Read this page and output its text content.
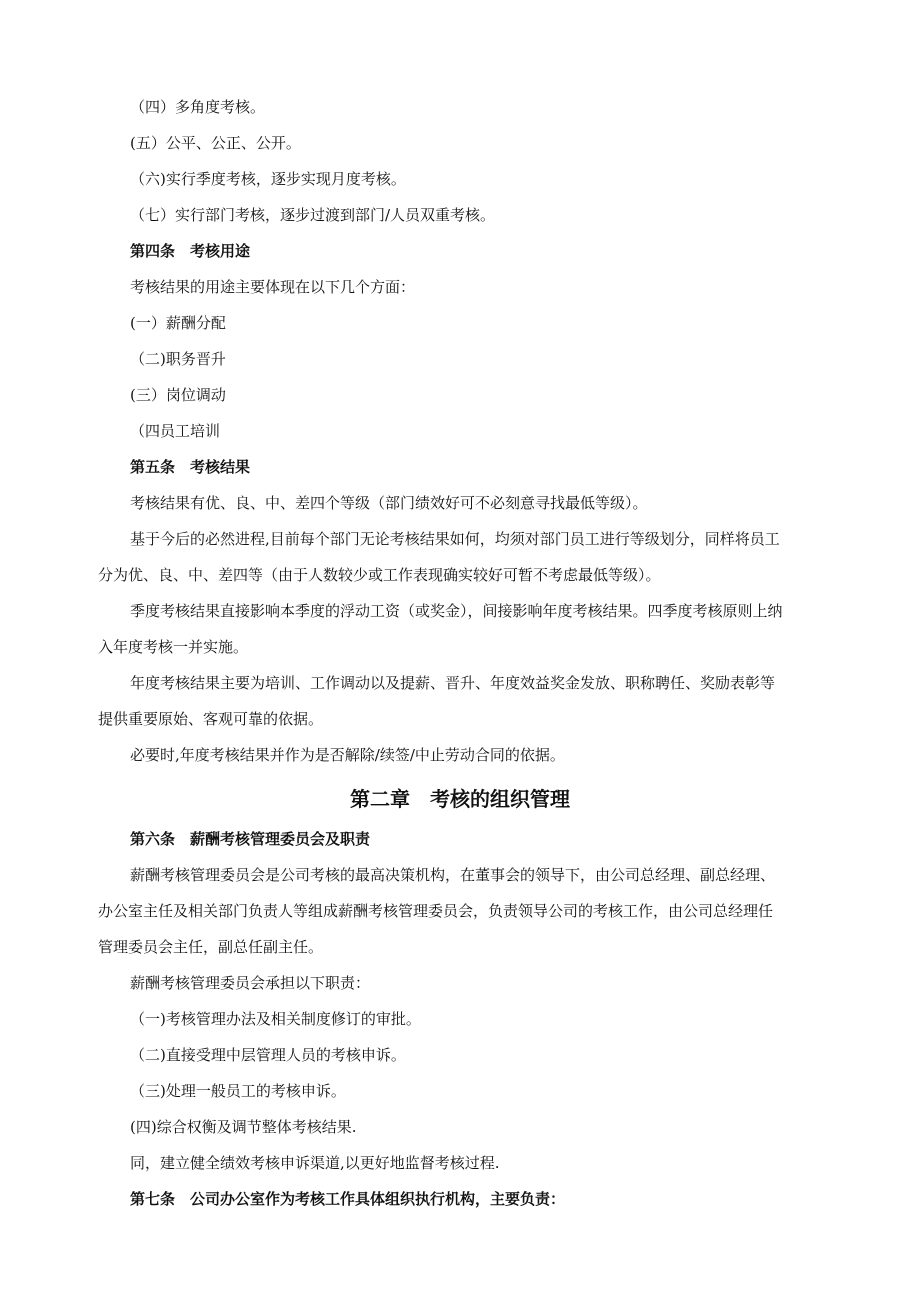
（四）多角度考核。
(五）公平、公正、公开。
（六)实行季度考核，逐步实现月度考核。
（七）实行部门考核，逐步过渡到部门/人员双重考核。
第四条　考核用途
考核结果的用途主要体现在以下几个方面：
(一）薪酬分配
（二)职务晋升
(三）岗位调动
（四员工培训
第五条　考核结果
考核结果有优、良、中、差四个等级（部门绩效好可不必刻意寻找最低等级）。
基于今后的必然进程,目前每个部门无论考核结果如何，均须对部门员工进行等级划分，同样将员工
分为优、良、中、差四等（由于人数较少或工作表现确实较好可暂不考虑最低等级）。
季度考核结果直接影响本季度的浮动工资（或奖金），间接影响年度考核结果。四季度考核原则上纳
入年度考核一并实施。
年度考核结果主要为培训、工作调动以及提薪、晋升、年度效益奖金发放、职称聘任、奖励表彰等
提供重要原始、客观可靠的依据。
必要时,年度考核结果并作为是否解除/续签/中止劳动合同的依据。
第二章　考核的组织管理
第六条　薪酬考核管理委员会及职责
薪酬考核管理委员会是公司考核的最高决策机构，在董事会的领导下，由公司总经理、副总经理、
办公室主任及相关部门负责人等组成薪酬考核管理委员会，负责领导公司的考核工作，由公司总经理任
管理委员会主任，副总任副主任。
薪酬考核管理委员会承担以下职责：
（一)考核管理办法及相关制度修订的审批。
（二)直接受理中层管理人员的考核申诉。
（三)处理一般员工的考核申诉。
(四)综合权衡及调节整体考核结果.
同，建立健全绩效考核申诉渠道,以更好地监督考核过程.
第七条　公司办公室作为考核工作具体组织执行机构，主要负责：
